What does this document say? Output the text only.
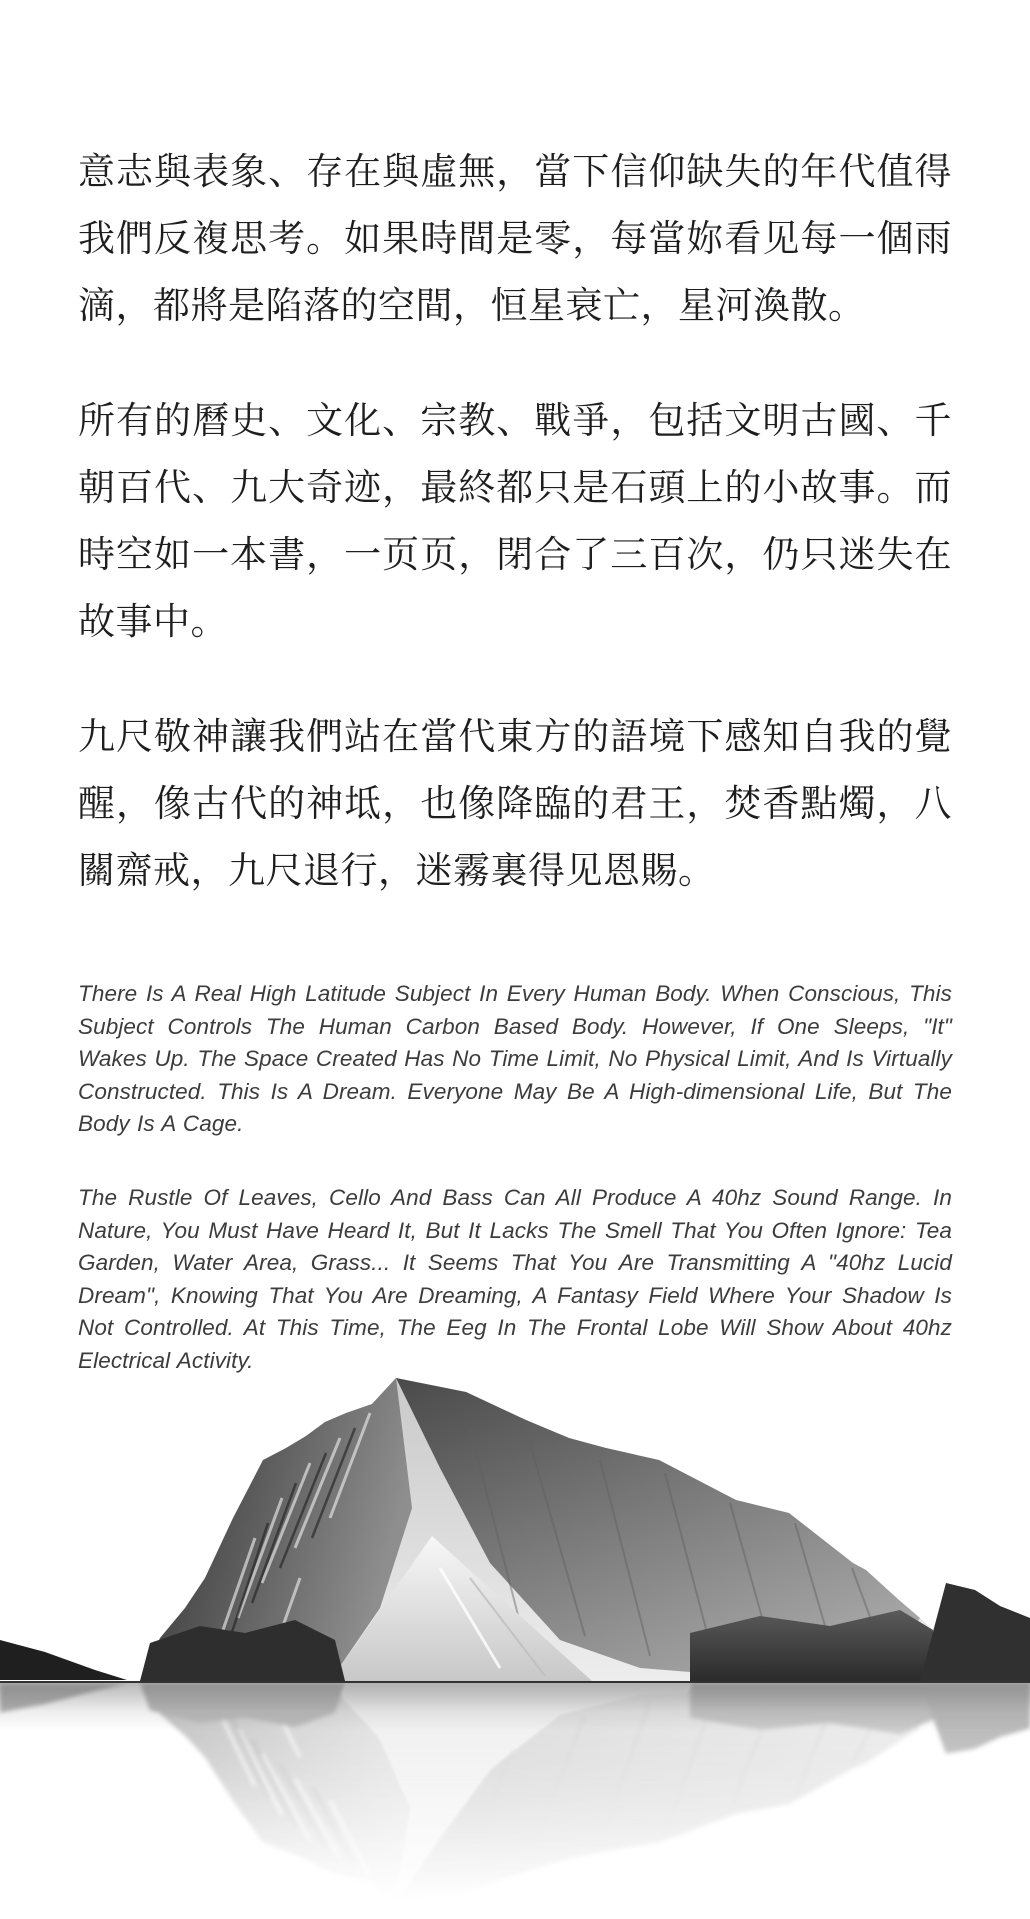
意志與表象、存在與虛無，當下信仰缺失的年代值得我們反複思考。如果時間是零，每當妳看见每一個雨滴，都將是陷落的空間，恒星衰亡，星河渙散。

所有的曆史、文化、宗教、戰爭，包括文明古國、千朝百代、九大奇迹，最終都只是石頭上的小故事。而時空如一本書，一页页，閉合了三百次，仍只迷失在故事中。

九尺敬神讓我們站在當代東方的語境下感知自我的覺醒，像古代的神坻，也像降臨的君王，焚香點燭，八關齋戒，九尺退行，迷霧裏得见恩賜。

There Is A Real High Latitude Subject In Every Human Body. When Conscious, This Subject Controls The Human Carbon Based Body. However, If One Sleeps, "It" Wakes Up. The Space Created Has No Time Limit, No Physical Limit, And Is Virtually Constructed. This Is A Dream. Everyone May Be A High-dimensional Life, But The Body Is A Cage.

The Rustle Of Leaves, Cello And Bass Can All Produce A 40hz Sound Range. In Nature, You Must Have Heard It, But It Lacks The Smell That You Often Ignore: Tea Garden, Water Area, Grass... It Seems That You Are Transmitting A "40hz Lucid Dream", Knowing That You Are Dreaming, A Fantasy Field Where Your Shadow Is Not Controlled. At This Time, The Eeg In The Frontal Lobe Will Show About 40hz Electrical Activity.
